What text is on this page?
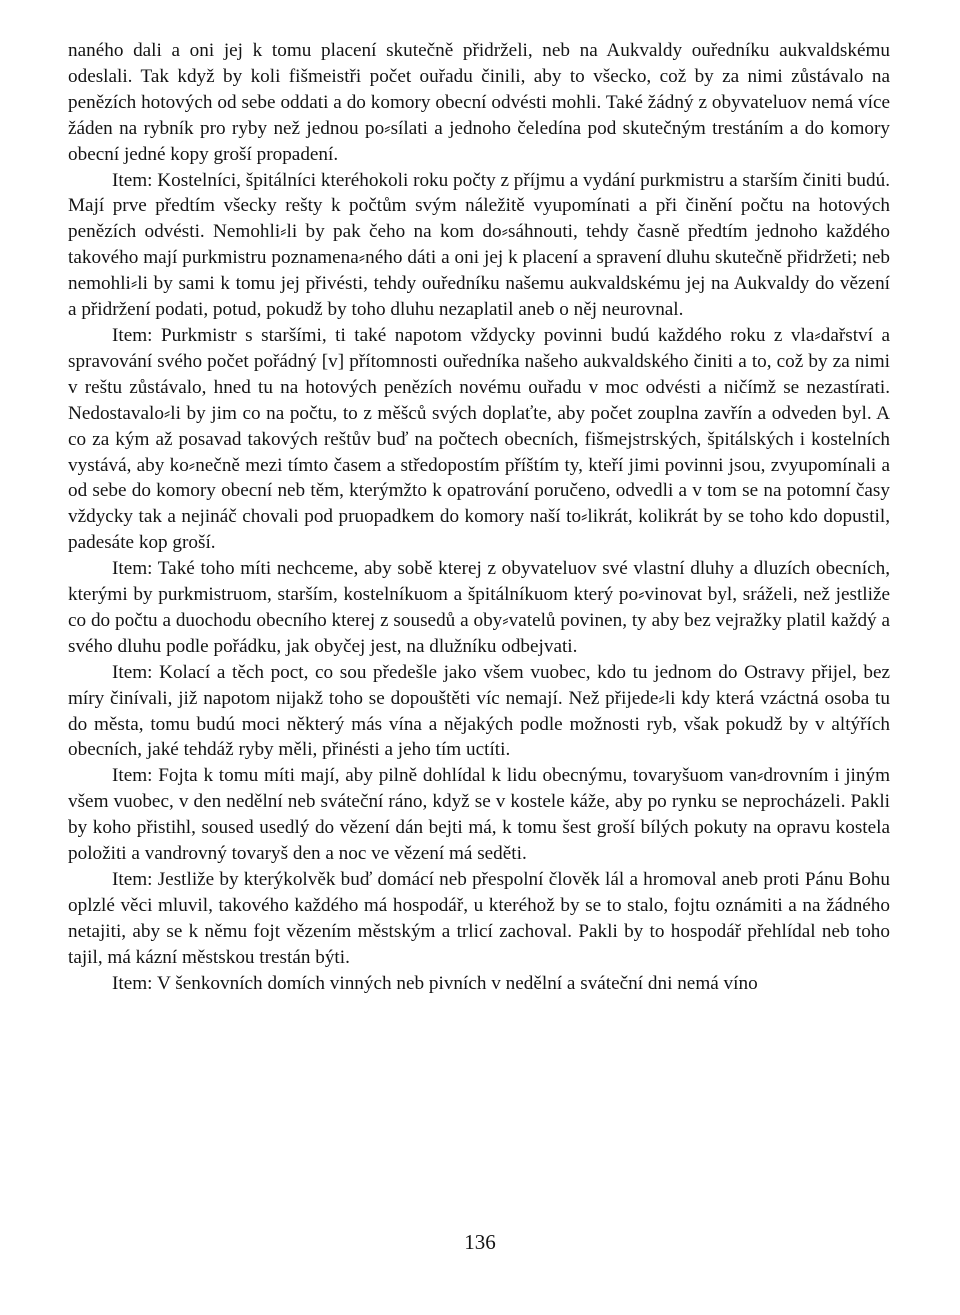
naného dali a oni jej k tomu placení skutečně přidrželi, neb na Aukvaldy ouředníku aukvaldskému odeslali. Tak když by koli fišmeistři počet ouřadu činili, aby to všecko, což by za nimi zůstávalo na penězích hotových od sebe oddati a do komory obecní odvésti mohli. Také žádný z obyvateluov nemá více žáden na rybník pro ryby než jednou po⸗sílati a jednoho čeledína pod skutečným trestáním a do komory obecní jedné kopy groší propadení.

Item: Kostelníci, špitálníci kteréhokoli roku počty z příjmu a vydání purkmistru a starším činiti budú. Mají prve předtím všecky rešty k počtům svým náležitě vyupomínati a při činění počtu na hotových penězích odvésti. Nemohli⸗li by pak čeho na kom do⸗sáhnouti, tehdy časně předtím jednoho každého takového mají purkmistru poznamena⸗ného dáti a oni jej k placení a spravení dluhu skutečně přidržeti; neb nemohli⸗li by sami k tomu jej přivésti, tehdy ouředníku našemu aukvaldskému jej na Aukvaldy do vězení a přidržení podati, potud, pokudž by toho dluhu nezaplatil aneb o něj neurovnal.

Item: Purkmistr s staršími, ti také napotom vždycky povinni budú každého roku z vla⸗dařství a spravování svého počet pořádný [v] přítomnosti ouředníka našeho aukvaldského činiti a to, což by za nimi v reštu zůstávalo, hned tu na hotových penězích novému ouřadu v moc odvésti a ničímž se nezastírati. Nedostavalo⸗li by jim co na počtu, to z měšců svých doplaťte, aby počet zouplna zavřín a odveden byl. A co za kým až posavad takových reštův buď na počtech obecních, fišmejstrských, špitálských i kostelních vystává, aby ko⸗nečně mezi tímto časem a středopostím příštím ty, kteří jimi povinni jsou, zvyupomínali a od sebe do komory obecní neb těm, kterýmžto k opatrování poručeno, odvedli a v tom se na potomní časy vždycky tak a nejináč chovali pod pruopadkem do komory naší to⸗likrát, kolikrát by se toho kdo dopustil, padesáte kop groší.

Item: Také toho míti nechceme, aby sobě kterej z obyvateluov své vlastní dluhy a dluzích obecních, kterými by purkmistruom, starším, kostelníkuom a špitálníkuom který po⸗vinovat byl, sráželi, než jestliže co do počtu a duochodu obecního kterej z sousedů a oby⸗vatelů povinen, ty aby bez vejražky platil každý a svého dluhu podle pořádku, jak obyčej jest, na dlužníku odbejvati.

Item: Kolací a těch poct, co sou předešle jako všem vuobec, kdo tu jednom do Ostravy přijel, bez míry činívali, již napotom nijakž toho se dopouštěti víc nemají. Než přijede⸗li kdy která vzáctná osoba tu do města, tomu budú moci některý más vína a nějakých podle možnosti ryb, však pokudž by v altýřích obecních, jaké tehdáž ryby měli, přinésti a jeho tím uctíti.

Item: Fojta k tomu míti mají, aby pilně dohlídal k lidu obecnýmu, tovaryšuom van⸗drovním i jiným všem vuobec, v den nedělní neb sváteční ráno, když se v kostele káže, aby po rynku se neprocházeli. Pakli by koho přistihl, soused usedlý do vězení dán bejti má, k tomu šest groší bílých pokuty na opravu kostela položiti a vandrovný tovaryš den a noc ve vězení má seděti.

Item: Jestliže by kterýkolvěk buď domácí neb přespolní člověk lál a hromoval aneb proti Pánu Bohu oplzlé věci mluvil, takového každého má hospodář, u kteréhož by se to stalo, fojtu oznámiti a na žádného netajiti, aby se k němu fojt vězením městským a trlicí zachoval. Pakli by to hospodář přehlídal neb toho tajil, má kázní městskou trestán býti.

Item: V šenkovních domích vinných neb pivních v nedělní a sváteční dni nemá víno

136
